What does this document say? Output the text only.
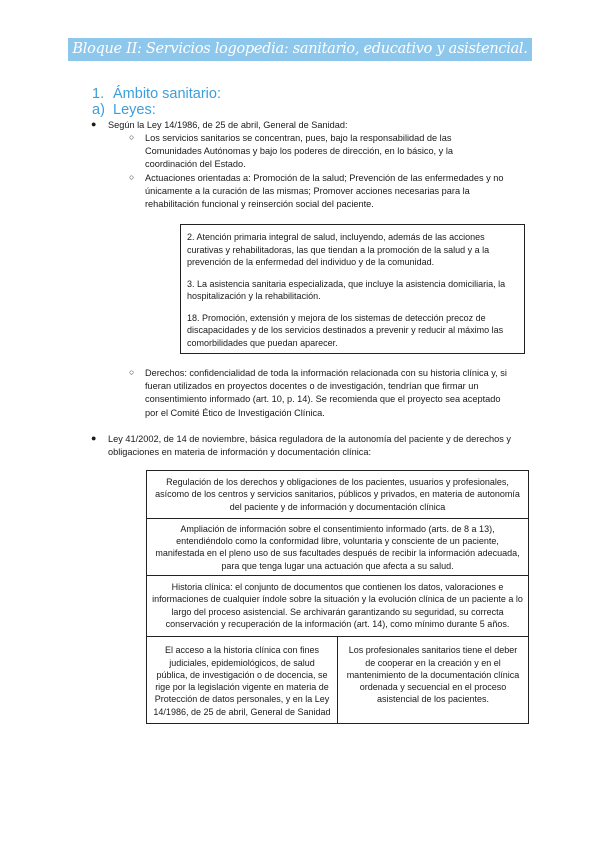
Bloque II: Servicios logopedia: sanitario, educativo y asistencial.
1. Ámbito sanitario:
a) Leyes:
● Según la Ley 14/1986, de 25 de abril, General de Sanidad:
○ Los servicios sanitarios se concentran, pues, bajo la responsabilidad de las Comunidades Autónomas y bajo los poderes de dirección, en lo básico, y la coordinación del Estado.
○ Actuaciones orientadas a: Promoción de la salud; Prevención de las enfermedades y no únicamente a la curación de las mismas; Promover acciones necesarias para la rehabilitación funcional y reinserción social del paciente.

2. Atención primaria integral de salud, incluyendo, además de las acciones curativas y rehabilitadoras, las que tiendan a la promoción de la salud y a la prevención de la enfermedad del individuo y de la comunidad.

3. La asistencia sanitaria especializada, que incluye la asistencia domiciliaria, la hospitalización y la rehabilitación.

18. Promoción, extensión y mejora de los sistemas de detección precoz de discapacidades y de los servicios destinados a prevenir y reducir al máximo las comorbilidades que puedan aparecer.

○ Derechos: confidencialidad de toda la información relacionada con su historia clínica y, si fueran utilizados en proyectos docentes o de investigación, tendrían que firmar un consentimiento informado (art. 10, p. 14). Se recomienda que el proyecto sea aceptado por el Comité Ético de Investigación Clínica.
● Ley 41/2002, de 14 de noviembre, básica reguladora de la autonomía del paciente y de derechos y obligaciones en materia de información y documentación clínica:
Regulación de los derechos y obligaciones de los pacientes, usuarios y profesionales, asícomo de los centros y servicios sanitarios, públicos y privados, en materia de autonomía del paciente y de información y documentación clínica
Ampliación de información sobre el consentimiento informado (arts. de 8 a 13), entendiéndolo como la conformidad libre, voluntaria y consciente de un paciente, manifestada en el pleno uso de sus facultades después de recibir la información adecuada, para que tenga lugar una actuación que afecta a su salud.
Historia clínica: el conjunto de documentos que contienen los datos, valoraciones e informaciones de cualquier índole sobre la situación y la evolución clínica de un paciente a lo largo del proceso asistencial. Se archivarán garantizando su seguridad, su correcta conservación y recuperación de la información (art. 14), como mínimo durante 5 años.
El acceso a la historia clínica con fines judiciales, epidemiológicos, de salud pública, de investigación o de docencia, se rige por la legislación vigente en materia de Protección de datos personales, y en la Ley 14/1986, de 25 de abril, General de Sanidad	Los profesionales sanitarios tiene el deber de cooperar en la creación y en el mantenimiento de la documentación clínica ordenada y secuencial en el proceso asistencial de los pacientes.
